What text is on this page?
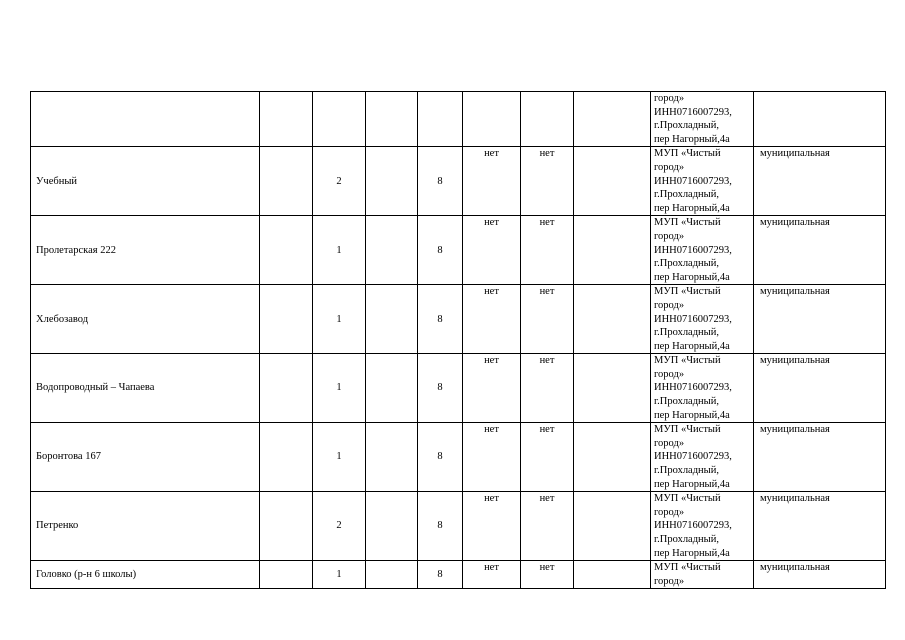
								город»
ИНН0716007293,
г.Прохладный,
пер Нагорный,4а	

Учебный		2		8	нет	нет		МУП «Чистый
город»
ИНН0716007293,
г.Прохладный,
пер Нагорный,4а	муниципальная
Пролетарская 222		1		8	нет	нет		МУП «Чистый
город»
ИНН0716007293,
г.Прохладный,
пер Нагорный,4а	муниципальная
Хлебозавод		1		8	нет	нет		МУП «Чистый
город»
ИНН0716007293,
г.Прохладный,
пер Нагорный,4а	муниципальная
Водопроводный – Чапаева		1		8	нет	нет		МУП «Чистый
город»
ИНН0716007293,
г.Прохладный,
пер Нагорный,4а	муниципальная
Боронтова 167		1		8	нет	нет		МУП «Чистый
город»
ИНН0716007293,
г.Прохладный,
пер Нагорный,4а	муниципальная
Петренко		2		8	нет	нет		МУП «Чистый
город»
ИНН0716007293,
г.Прохладный,
пер Нагорный,4а	муниципальная
Головко (р-н 6 школы)		1		8	нет	нет		МУП «Чистый
город»	муниципальная
